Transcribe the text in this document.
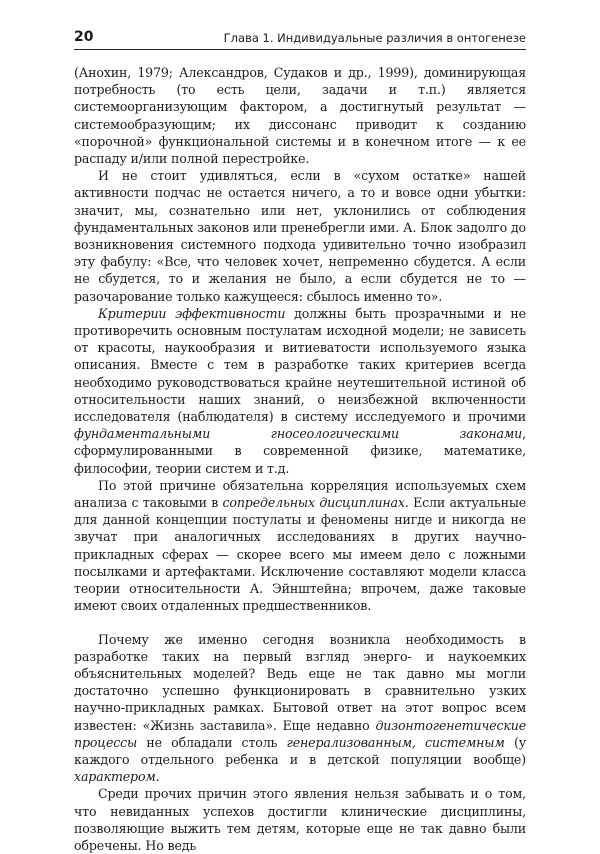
20	Глава 1. Индивидуальные различия в онтогенезе

(Анохин, 1979; Александров, Судаков и др., 1999), доминирующая потребность (то есть цели, задачи и т.п.) является системоорганизующим фактором, а достигнутый результат — системообразующим; их диссонанс приводит к созданию «порочной» функциональной системы и в конечном итоге — к ее распаду и/или полной перестройке.

И не стоит удивляться, если в «сухом остатке» нашей активности подчас не остается ничего, а то и вовсе одни убытки: значит, мы, сознательно или нет, уклонились от соблюдения фундаментальных законов или пренебрегли ими. А. Блок задолго до возникновения системного подхода удивительно точно изобразил эту фабулу: «Все, что человек хочет, непременно сбудется. А если не сбудется, то и желания не было, а если сбудется не то — разочарование только кажущееся: сбылось именно то».

Критерии эффективности должны быть прозрачными и не противоречить основным постулатам исходной модели; не зависеть от красоты, наукообразия и витиеватости используемого языка описания. Вместе с тем в разработке таких критериев всегда необходимо руководствоваться крайне неутешительной истиной об относительности наших знаний, о неизбежной включенности исследователя (наблюдателя) в систему исследуемого и прочими фундаментальными гносеологическими законами, сформулированными в современной физике, математике, философии, теории систем и т.д.

По этой причине обязательна корреляция используемых схем анализа с таковыми в сопредельных дисциплинах. Если актуальные для данной концепции постулаты и феномены нигде и никогда не звучат при аналогичных исследованиях в других научно-прикладных сферах — скорее всего мы имеем дело с ложными посылками и артефактами. Исключение составляют модели класса теории относительности А. Эйнштейна; впрочем, даже таковые имеют своих отдаленных предшественников.

Почему же именно сегодня возникла необходимость в разработке таких на первый взгляд энерго- и наукоемких объяснительных моделей? Ведь еще не так давно мы могли достаточно успешно функционировать в сравнительно узких научно-прикладных рамках. Бытовой ответ на этот вопрос всем известен: «Жизнь заставила». Еще недавно дизонтогенетические процессы не обладали столь генерализованным, системным (у каждого отдельного ребенка и в детской популяции вообще) характером.

Среди прочих причин этого явления нельзя забывать и о том, что невиданных успехов достигли клинические дисциплины, позволяющие выжить тем детям, которые еще не так давно были обречены. Но ведь
